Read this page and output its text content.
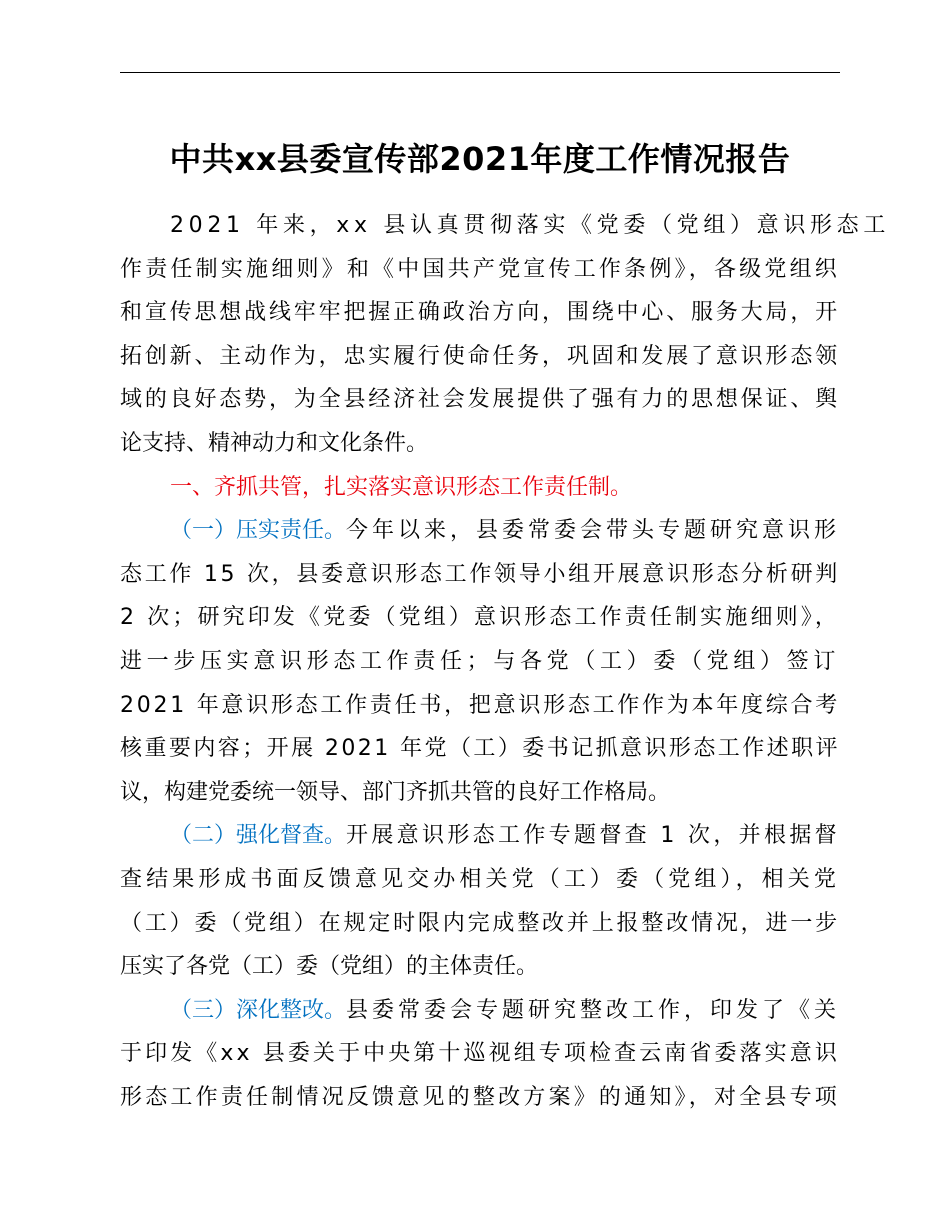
中共xx县委宣传部2021年度工作情况报告
2021 年来，xx 县认真贯彻落实《党委（党组）意识形态工
作责任制实施细则》和《中国共产党宣传工作条例》，各级党组织
和宣传思想战线牢牢把握正确政治方向，围绕中心、服务大局，开
拓创新、主动作为，忠实履行使命任务，巩固和发展了意识形态领
域的良好态势，为全县经济社会发展提供了强有力的思想保证、舆
论支持、精神动力和文化条件。
一、齐抓共管，扎实落实意识形态工作责任制。
（一）压实责任。 今年以来，县委常委会带头专题研究意识形
态工作 15 次，县委意识形态工作领导小组开展意识形态分析研判
2 次；研究印发《党委（党组）意识形态工作责任制实施细则》，
进一步压实意识形态工作责任；与各党（工）委（党组）签订
2021 年意识形态工作责任书，把意识形态工作作为本年度综合考
核重要内容；开展 2021 年党（工）委书记抓意识形态工作述职评
议，构建党委统一领导、部门齐抓共管的良好工作格局。
（二）强化督查。 开展意识形态工作专题督查 1 次，并根据督
查结果形成书面反馈意见交办相关党（工）委（党组），相关党
（工）委（党组）在规定时限内完成整改并上报整改情况，进一步
压实了各党（工）委（党组）的主体责任。
（三）深化整改。 县委常委会专题研究整改工作，印发了《关
于印发《xx 县委关于中央第十巡视组专项检查云南省委落实意识
形态工作责任制情况反馈意见的整改方案》的通知》，对全县专项
